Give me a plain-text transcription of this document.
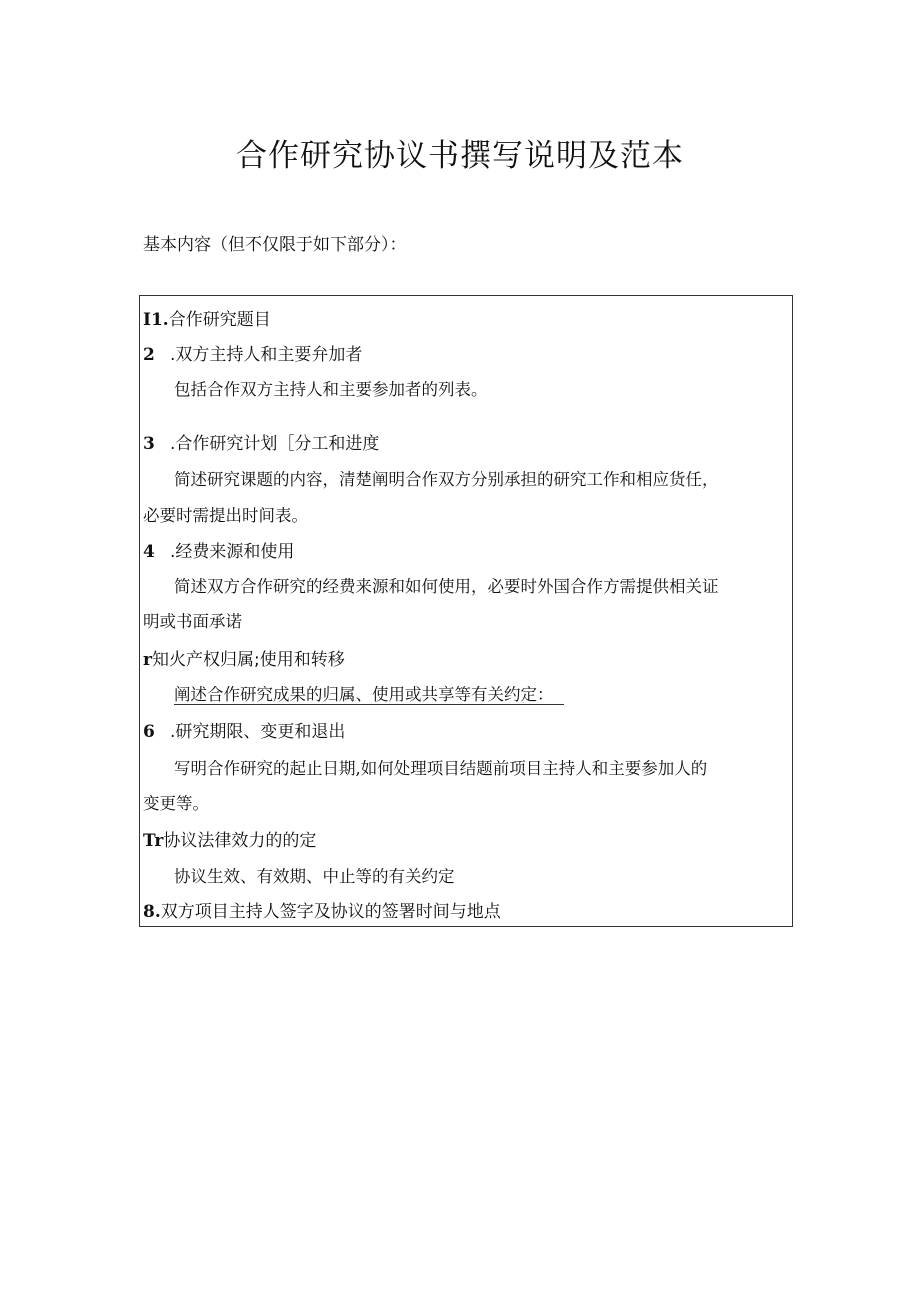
合作研究协议书撰写说明及范本
基本内容（但不仅限于如下部分）：
I1.合作研究题目
2 .双方主持人和主要弁加者
包括合作双方主持人和主要参加者的列表。
3 .合作研究计划［分工和进度
简述研究课题的内容，清楚阐明合作双方分别承担的研究工作和相应货任，
必要时需提出时间表。
4 .经费来源和使用
简述双方合作研究的经费来源和如何使用，必要时外国合作方需提供相关证
明或书面承诺
r知火产权归属;使用和转移
阐述合作研究成果的归属、使用或共享等有关约定：
6 .研究期限、变更和退出
写明合作研究的起止日期,如何处理项目结题前项目主持人和主要参加人的
变更等。
Tr协议法律效力的的定
协议生效、有效期、中止等的有关约定
8.双方项目主持人签字及协议的签署时间与地点
